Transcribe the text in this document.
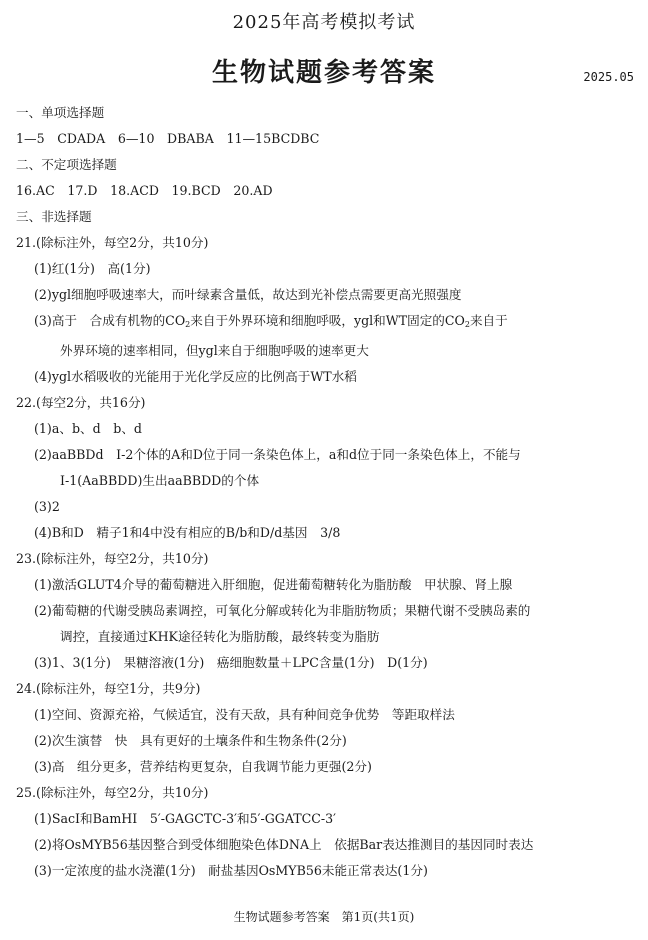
2025年高考模拟考试
生物试题参考答案	2025.05
一、单项选择题
1—5　CDADA　6—10　DBABA　11—15BCDBC
二、不定项选择题
16.AC　17.D　18.ACD　19.BCD　20.AD
三、非选择题
21.(除标注外，每空2分，共10分)
(1)红(1分)　高(1分)
(2)ygl细胞呼吸速率大，而叶绿素含量低，故达到光补偿点需要更高光照强度
(3)高于　合成有机物的$CO_2$来自于外界环境和细胞呼吸，ygl和WT固定的$CO_2$来自于
外界环境的速率相同，但ygl来自于细胞呼吸的速率更大
(4)ygl水稻吸收的光能用于光化学反应的比例高于WT水稻
22.(每空2分，共16分)
(1)a、b、d　b、d
(2)aaBBDd　Ⅰ-2个体的A和D位于同一条染色体上，a和d位于同一条染色体上，不能与
Ⅰ-1(AaBBDD)生出aaBBDD的个体
(3)2
(4)B和D　精子1和4中没有相应的B/b和D/d基因　3/8
23.(除标注外，每空2分，共10分)
(1)激活GLUT4介导的葡萄糖进入肝细胞，促进葡萄糖转化为脂肪酸　甲状腺、肾上腺
(2)葡萄糖的代谢受胰岛素调控，可氧化分解或转化为非脂肪物质；果糖代谢不受胰岛素的
调控，直接通过KHK途径转化为脂肪酸，最终转变为脂肪
(3)1、3(1分)　果糖溶液(1分)　癌细胞数量＋LPC含量(1分)　D(1分)
24.(除标注外，每空1分，共9分)
(1)空间、资源充裕，气候适宜，没有天敌，具有种间竞争优势　等距取样法
(2)次生演替　快　具有更好的土壤条件和生物条件(2分)
(3)高　组分更多，营养结构更复杂，自我调节能力更强(2分)
25.(除标注外，每空2分，共10分)
(1)SacⅠ和BamHⅠ　5′-GAGCTC-3′和5′-GGATCC-3′
(2)将OsMYB56基因整合到受体细胞染色体DNA上　依据Bar表达推测目的基因同时表达
(3)一定浓度的盐水浇灌(1分)　耐盐基因OsMYB56未能正常表达(1分)
生物试题参考答案　第1页(共1页)
